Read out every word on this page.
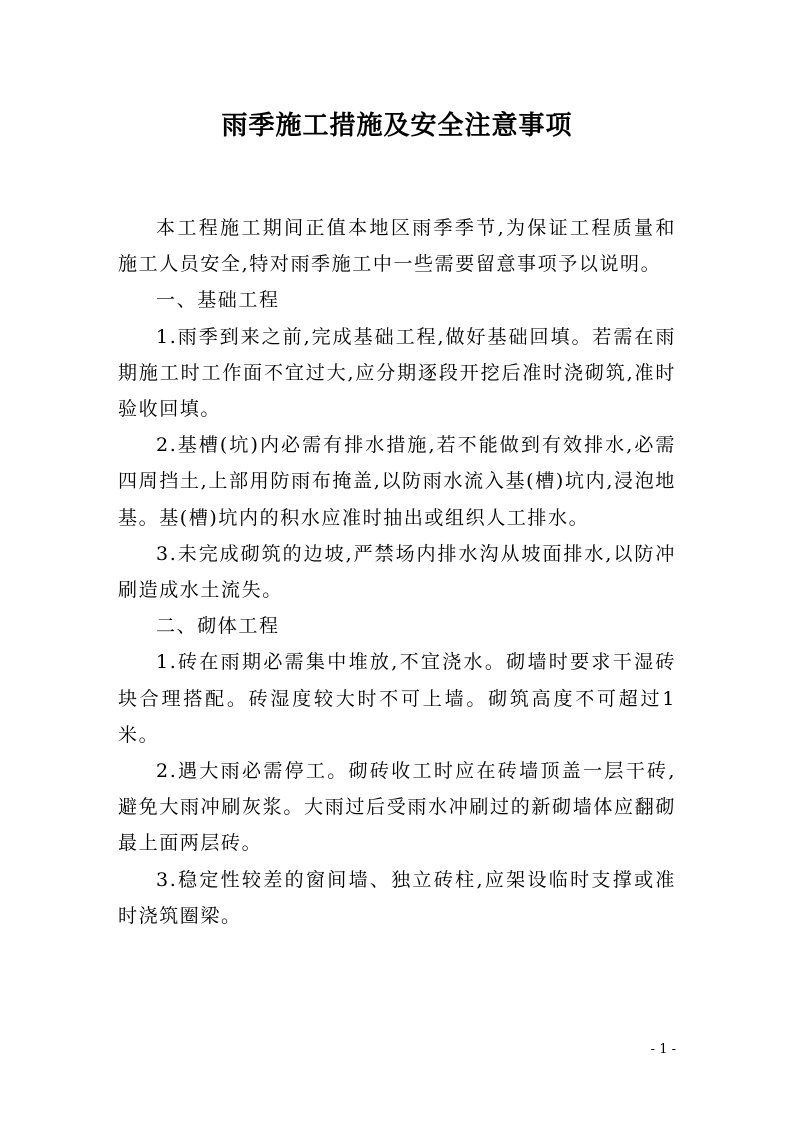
雨季施工措施及安全注意事项

本工程施工期间正值本地区雨季季节,为保证工程质量和施工人员安全,特对雨季施工中一些需要留意事项予以说明。

一、基础工程

1.雨季到来之前,完成基础工程,做好基础回填。若需在雨期施工时工作面不宜过大,应分期逐段开挖后准时浇砌筑,准时验收回填。

2.基槽(坑)内必需有排水措施,若不能做到有效排水,必需四周挡土,上部用防雨布掩盖,以防雨水流入基(槽)坑内,浸泡地基。基(槽)坑内的积水应准时抽出或组织人工排水。

3.未完成砌筑的边坡,严禁场内排水沟从坡面排水,以防冲刷造成水土流失。

二、砌体工程

1.砖在雨期必需集中堆放,不宜浇水。砌墙时要求干湿砖块合理搭配。砖湿度较大时不可上墙。砌筑高度不可超过1米。

2.遇大雨必需停工。砌砖收工时应在砖墙顶盖一层干砖,避免大雨冲刷灰浆。大雨过后受雨水冲刷过的新砌墙体应翻砌最上面两层砖。

3.稳定性较差的窗间墙、独立砖柱,应架设临时支撑或准时浇筑圈梁。

- 1 -
